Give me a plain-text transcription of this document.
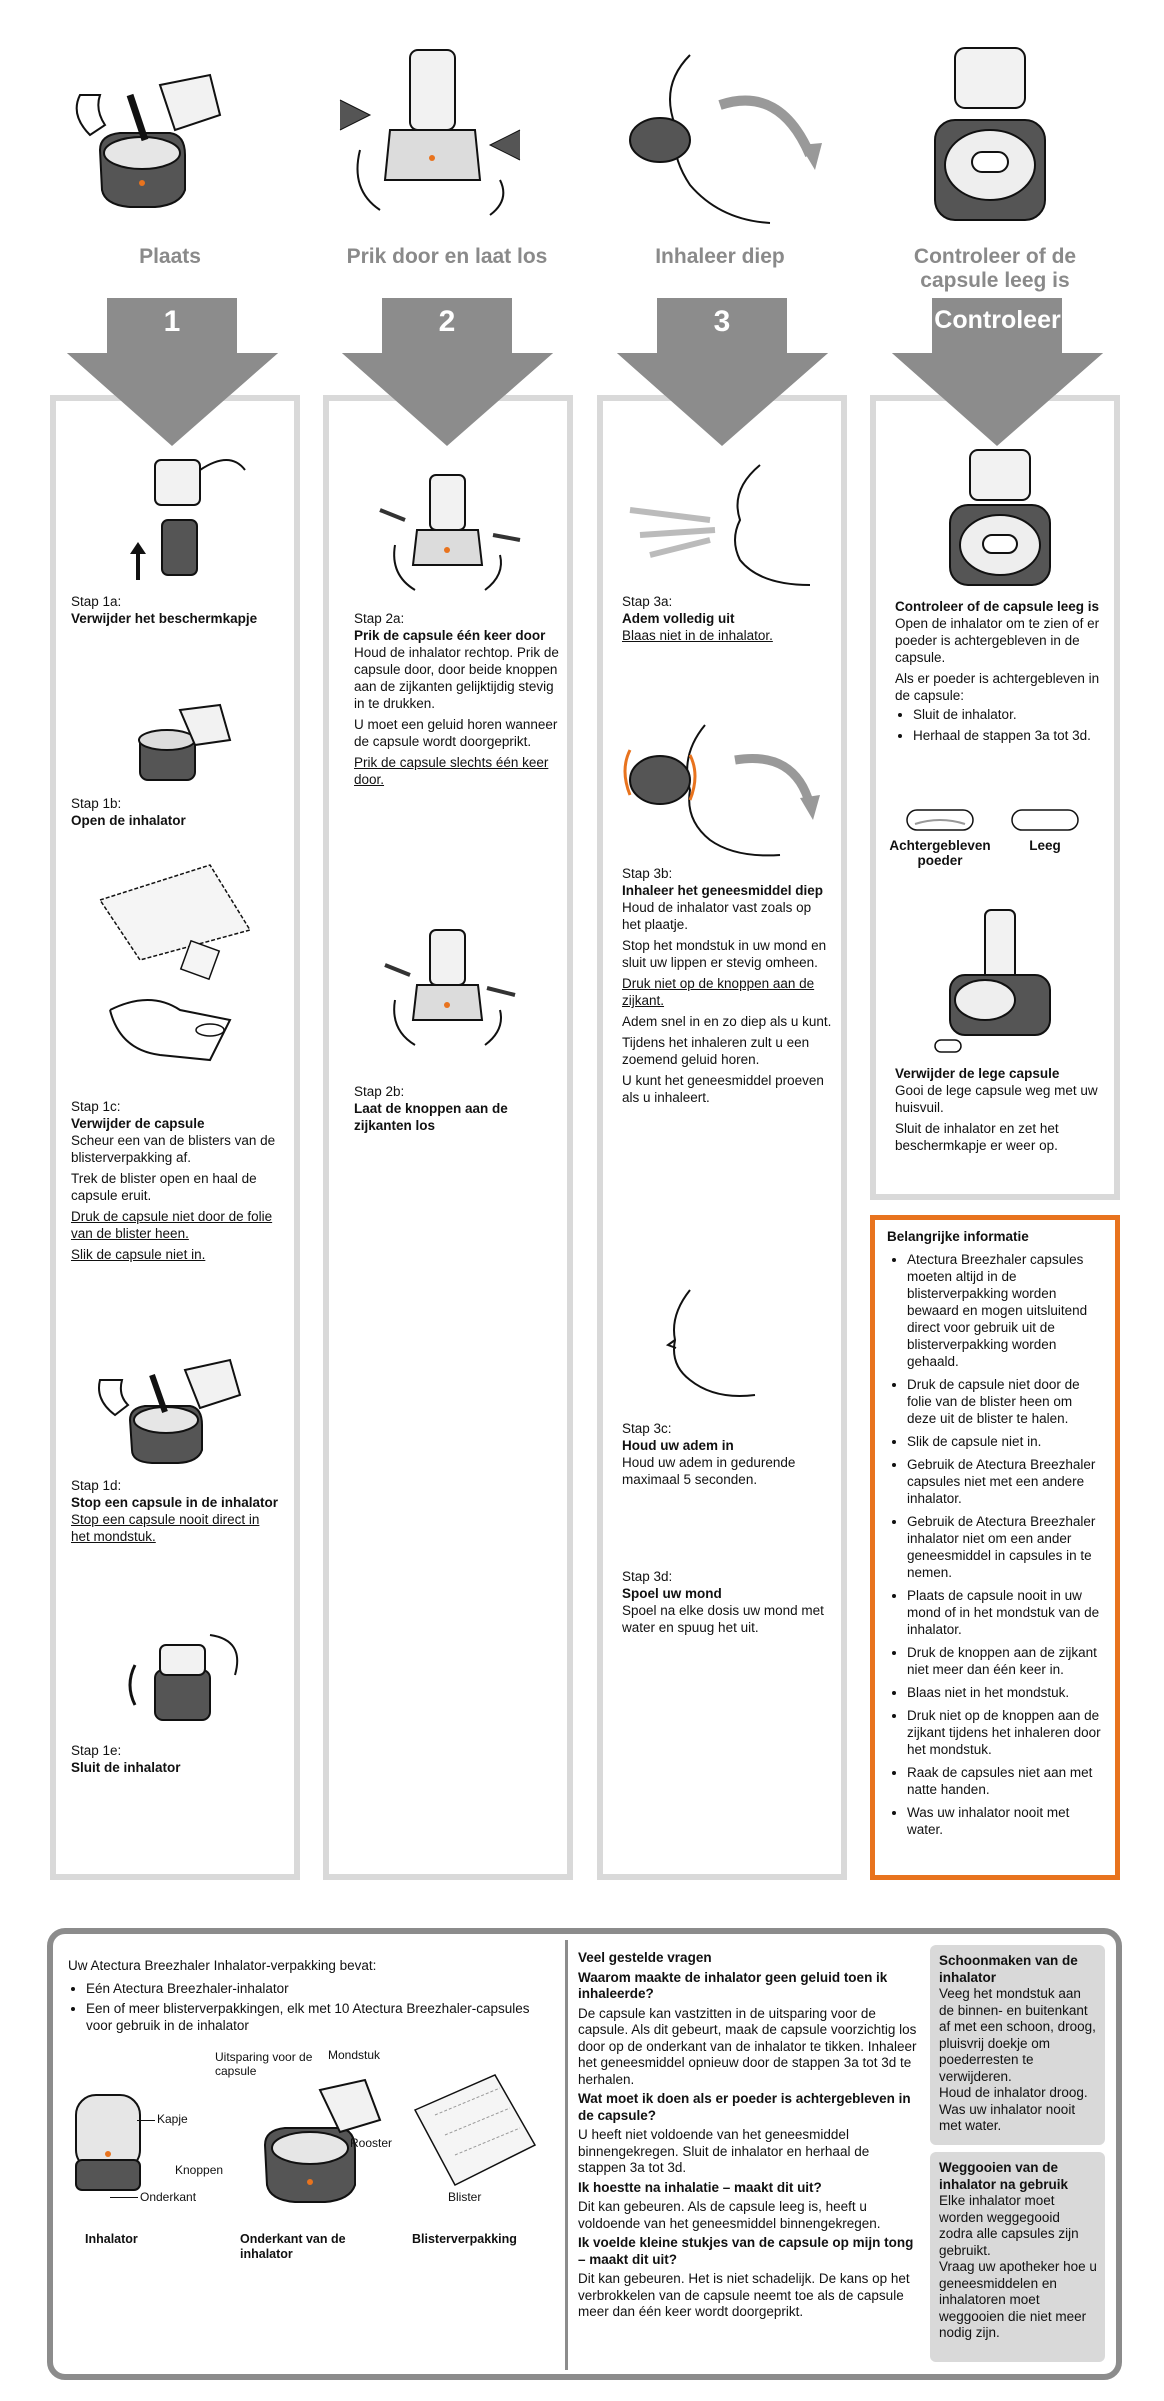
Plaats	Prik door en laat los	Inhaleer diep	Controleer of de capsule leeg is
1	2	3	Controleer
Stap 1a:
Verwijder het beschermkapje
Stap 1b:
Open de inhalator
Stap 1c:
Verwijder de capsule

Scheur een van de blisters van de blisterverpakking af.

Trek de blister open en haal de capsule eruit.

Druk de capsule niet door de folie van de blister heen.

Slik de capsule niet in.

Stap 1d:
Stop een capsule in de inhalator

Stop een capsule nooit direct in het mondstuk.

Stap 1e:
Sluit de inhalator
Stap 2a:
Prik de capsule één keer door

Houd de inhalator rechtop. Prik de capsule door, door beide knoppen aan de zijkanten gelijktijdig stevig in te drukken.

U moet een geluid horen wanneer de capsule wordt doorgeprikt.

Prik de capsule slechts één keer door.

Stap 2b:
Laat de knoppen aan de zijkanten los
Stap 3a:
Adem volledig uit

Blaas niet in de inhalator.

Stap 3b:
Inhaleer het geneesmiddel diep

Houd de inhalator vast zoals op het plaatje.

Stop het mondstuk in uw mond en sluit uw lippen er stevig omheen.

Druk niet op de knoppen aan de zijkant.

Adem snel in en zo diep als u kunt.

Tijdens het inhaleren zult u een zoemend geluid horen.

U kunt het geneesmiddel proeven als u inhaleert.

Stap 3c:
Houd uw adem in

Houd uw adem in gedurende maximaal 5 seconden.

Stap 3d:
Spoel uw mond

Spoel na elke dosis uw mond met water en spuug het uit.

Controleer of de capsule leeg is

Open de inhalator om te zien of er poeder is achtergebleven in de capsule.

Als er poeder is achtergebleven in de capsule:

• Sluit de inhalator.
• Herhaal de stappen 3a tot 3d.
Achtergebleven poeder
Leeg
Verwijder de lege capsule

Gooi de lege capsule weg met uw huisvuil.

Sluit de inhalator en zet het beschermkapje er weer op.

Belangrijke informatie
• Atectura Breezhaler capsules moeten altijd in de blisterverpakking worden bewaard en mogen uitsluitend direct voor gebruik uit de blisterverpakking worden gehaald.
• Druk de capsule niet door de folie van de blister heen om deze uit de blister te halen.
• Slik de capsule niet in.
• Gebruik de Atectura Breezhaler capsules niet met een andere inhalator.
• Gebruik de Atectura Breezhaler inhalator niet om een ander geneesmiddel in capsules in te nemen.
• Plaats de capsule nooit in uw mond of in het mondstuk van de inhalator.
• Druk de knoppen aan de zijkant niet meer dan één keer in.
• Blaas niet in het mondstuk.
• Druk niet op de knoppen aan de zijkant tijdens het inhaleren door het mondstuk.
• Raak de capsules niet aan met natte handen.
• Was uw inhalator nooit met water.

Uw Atectura Breezhaler Inhalator-verpakking bevat:

• Eén Atectura Breezhaler-inhalator
• Een of meer blisterverpakkingen, elk met 10 Atectura Breezhaler-capsules voor gebruik in de inhalator
Kapje
Onderkant
Inhalator
Uitsparing voor de capsule
Mondstuk
Rooster
Knoppen
Onderkant van de inhalator
Blister
Blisterverpakking

Veel gestelde vragen

Waarom maakte de inhalator geen geluid toen ik inhaleerde?

De capsule kan vastzitten in de uitsparing voor de capsule. Als dit gebeurt, maak de capsule voorzichtig los door op de onderkant van de inhalator te tikken. Inhaleer het geneesmiddel opnieuw door de stappen 3a tot 3d te herhalen.

Wat moet ik doen als er poeder is achtergebleven in de capsule?

U heeft niet voldoende van het geneesmiddel binnengekregen. Sluit de inhalator en herhaal de stappen 3a tot 3d.

Ik hoestte na inhalatie – maakt dit uit?

Dit kan gebeuren. Als de capsule leeg is, heeft u voldoende van het geneesmiddel binnengekregen.

Ik voelde kleine stukjes van de capsule op mijn tong – maakt dit uit?

Dit kan gebeuren. Het is niet schadelijk. De kans op het verbrokkelen van de capsule neemt toe als de capsule meer dan één keer wordt doorgeprikt.

Schoonmaken van de inhalator
Veeg het mondstuk aan de binnen- en buitenkant af met een schoon, droog, pluisvrij doekje om poederresten te verwijderen.
Houd de inhalator droog. Was uw inhalator nooit met water.
Weggooien van de inhalator na gebruik
Elke inhalator moet worden weggegooid zodra alle capsules zijn gebruikt.
Vraag uw apotheker hoe u geneesmiddelen en inhalatoren moet weggooien die niet meer nodig zijn.
